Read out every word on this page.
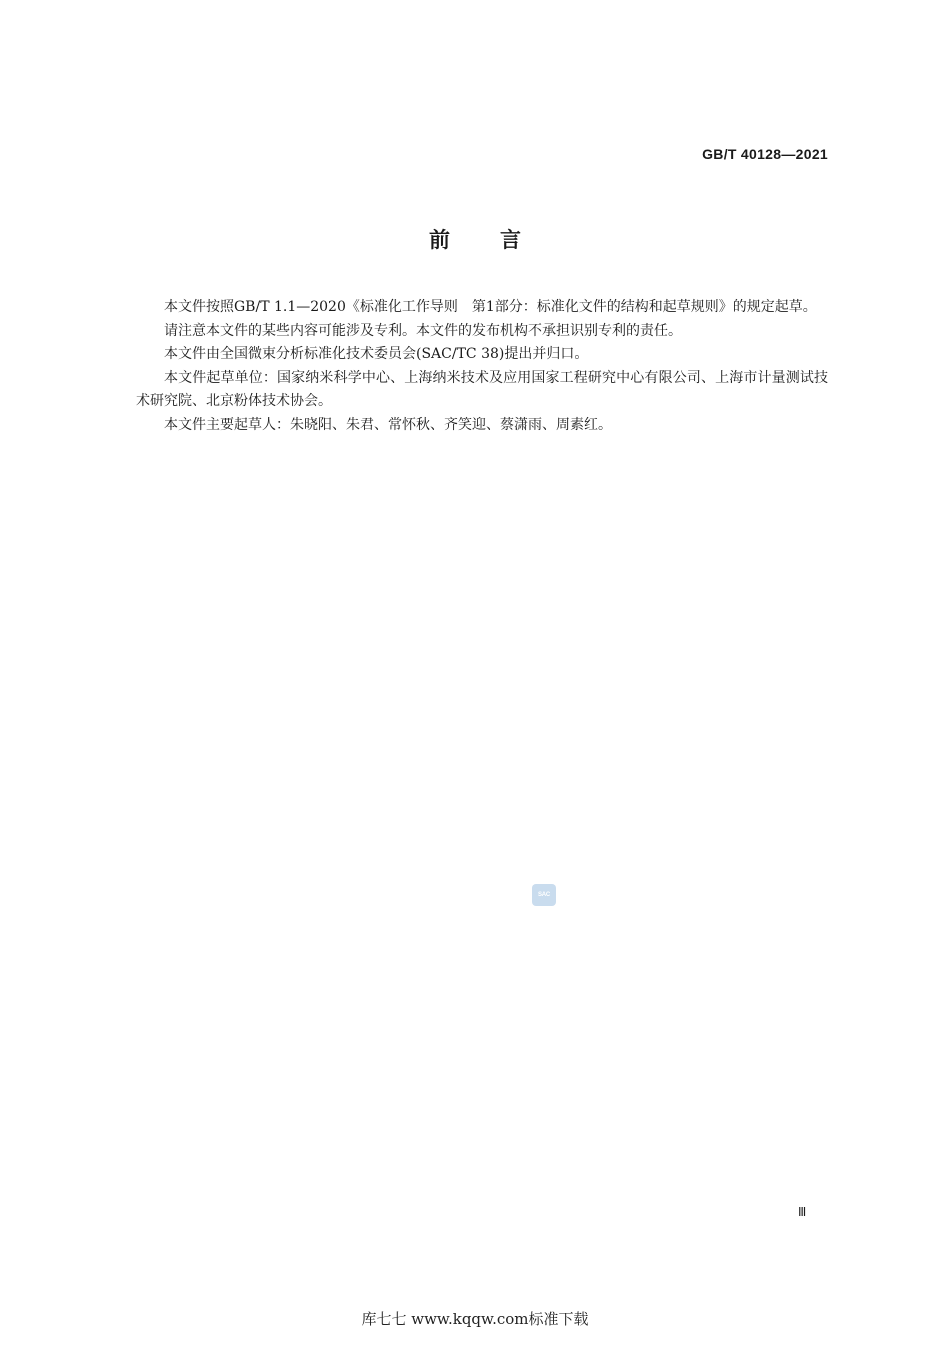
GB/T 40128—2021
前言

本文件按照GB/T 1.1—2020《标准化工作导则　第1部分：标准化文件的结构和起草规则》的规定起草。

请注意本文件的某些内容可能涉及专利。本文件的发布机构不承担识别专利的责任。

本文件由全国微束分析标准化技术委员会(SAC/TC 38)提出并归口。

本文件起草单位：国家纳米科学中心、上海纳米技术及应用国家工程研究中心有限公司、上海市计量测试技术研究院、北京粉体技术协会。

本文件主要起草人：朱晓阳、朱君、常怀秋、齐笑迎、蔡潇雨、周素红。

SAC
Ⅲ
库七七 www.kqqw.com标准下载
